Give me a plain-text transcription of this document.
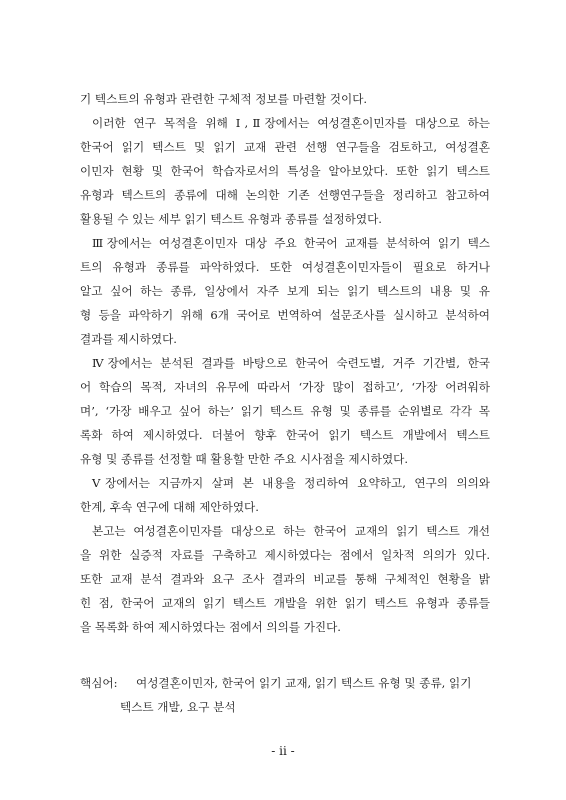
기 텍스트의 유형과 관련한 구체적 정보를 마련할 것이다.
이러한 연구 목적을 위해 Ⅰ,Ⅱ장에서는 여성결혼이민자를 대상으로 하는
한국어 읽기 텍스트 및 읽기 교재 관련 선행 연구들을 검토하고, 여성결혼
이민자 현황 및 한국어 학습자로서의 특성을 알아보았다. 또한 읽기 텍스트
유형과 텍스트의 종류에 대해 논의한 기존 선행연구들을 정리하고 참고하여
활용될 수 있는 세부 읽기 텍스트 유형과 종류를 설정하였다.
Ⅲ장에서는 여성결혼이민자 대상 주요 한국어 교재를 분석하여 읽기 텍스
트의 유형과 종류를 파악하였다. 또한 여성결혼이민자들이 필요로 하거나
알고 싶어 하는 종류, 일상에서 자주 보게 되는 읽기 텍스트의 내용 및 유
형 등을 파악하기 위해 6개 국어로 번역하여 설문조사를 실시하고 분석하여
결과를 제시하였다.
Ⅳ장에서는 분석된 결과를 바탕으로 한국어 숙련도별, 거주 기간별, 한국
어 학습의 목적, 자녀의 유무에 따라서 ‘가장 많이 접하고’, ‘가장 어려워하
며’, ‘가장 배우고 싶어 하는’ 읽기 텍스트 유형 및 종류를 순위별로 각각 목
록화 하여 제시하였다. 더불어 향후 한국어 읽기 텍스트 개발에서 텍스트
유형 및 종류를 선정할 때 활용할 만한 주요 시사점을 제시하였다.
Ⅴ장에서는 지금까지 살펴 본 내용을 정리하여 요약하고, 연구의 의의와
한계, 후속 연구에 대해 제안하였다.
본고는 여성결혼이민자를 대상으로 하는 한국어 교재의 읽기 텍스트 개선
을 위한 실증적 자료를 구축하고 제시하였다는 점에서 일차적 의의가 있다.
또한 교재 분석 결과와 요구 조사 결과의 비교를 통해 구체적인 현황을 밝
힌 점, 한국어 교재의 읽기 텍스트 개발을 위한 읽기 텍스트 유형과 종류들
을 목록화 하여 제시하였다는 점에서 의의를 가진다.
핵심어:	여성결혼이민자, 한국어 읽기 교재, 읽기 텍스트 유형 및 종류, 읽기
텍스트 개발, 요구 분석
- ii -
